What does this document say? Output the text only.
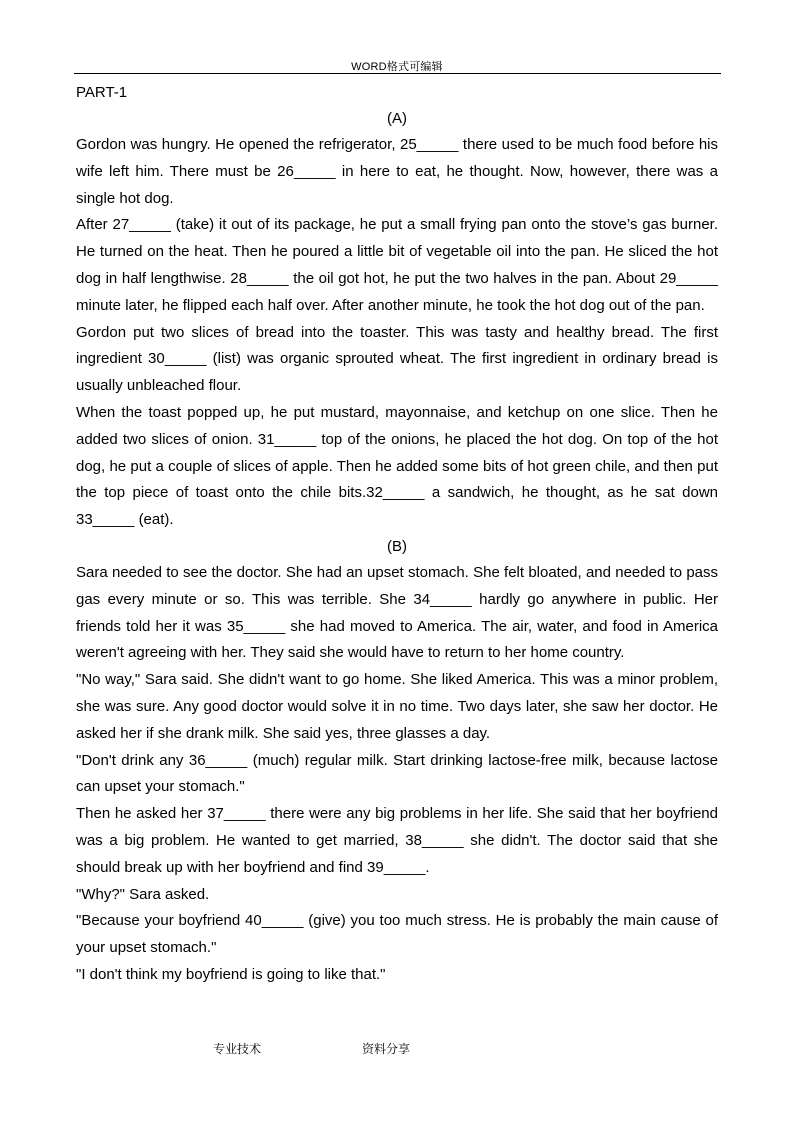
WORD格式可编辑

PART-1

(A)

Gordon was hungry. He opened the refrigerator, 25_____ there used to be much food before his wife left him. There must be 26_____ in here to eat, he thought. Now, however, there was a single hot dog.

After 27_____ (take) it out of its package, he put a small frying pan onto the stove’s gas burner. He turned on the heat. Then he poured a little bit of vegetable oil into the pan. He sliced the hot dog in half lengthwise. 28_____ the oil got hot, he put the two halves in the pan. About 29_____ minute later, he flipped each half over. After another minute, he took the hot dog out of the pan.

Gordon put two slices of bread into the toaster. This was tasty and healthy bread. The first ingredient 30_____ (list) was organic sprouted wheat. The first ingredient in ordinary bread is usually unbleached flour.

When the toast popped up, he put mustard, mayonnaise, and ketchup on one slice. Then he added two slices of onion. 31_____ top of the onions, he placed the hot dog. On top of the hot dog, he put a couple of slices of apple. Then he added some bits of hot green chile, and then put the top piece of toast onto the chile bits.32_____ a sandwich, he thought, as he sat down 33_____ (eat).

(B)

Sara needed to see the doctor. She had an upset stomach. She felt bloated, and needed to pass gas every minute or so. This was terrible. She 34_____ hardly go anywhere in public. Her friends told her it was 35_____ she had moved to America. The air, water, and food in America weren't agreeing with her. They said she would have to return to her home country.

"No way," Sara said. She didn't want to go home. She liked America. This was a minor problem, she was sure. Any good doctor would solve it in no time. Two days later, she saw her doctor. He asked her if she drank milk. She said yes, three glasses a day.

"Don't drink any 36_____ (much) regular milk. Start drinking lactose-free milk, because lactose can upset your stomach."

Then he asked her 37_____ there were any big problems in her life. She said that her boyfriend was a big problem. He wanted to get married, 38_____ she didn't. The doctor said that she should break up with her boyfriend and find 39_____.

"Why?" Sara asked.

"Because your boyfriend 40_____ (give) you too much stress. He is probably the main cause of your upset stomach."

"I don't think my boyfriend is going to like that."

专业技术	资料分享
